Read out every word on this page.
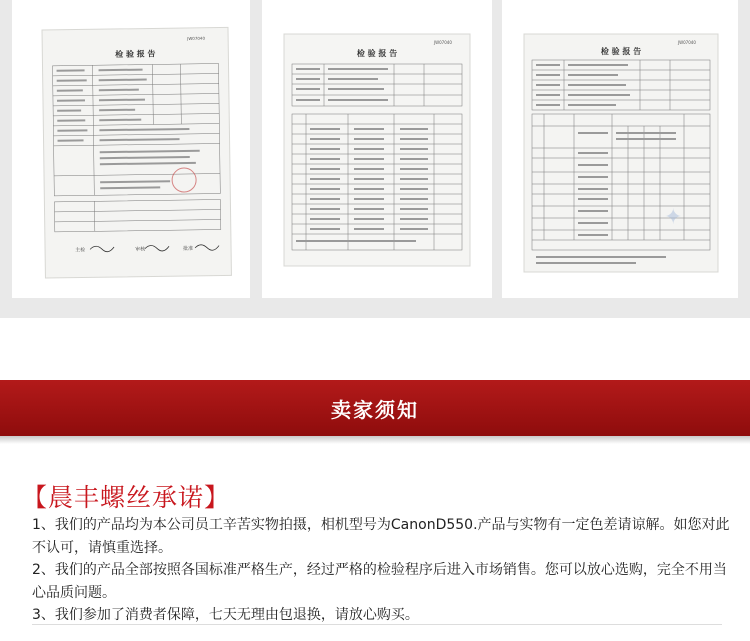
检 验 报 告
JW07040
主检	审核	批准
检 验 报 告
JW07040
检 验 报 告
JW07040
✦
卖家须知
【晨丰螺丝承诺】

1、我们的产品均为本公司员工辛苦实物拍摄，相机型号为CanonD550.产品与实物有一定色差请谅解。如您对此不认可，请慎重选择。

2、我们的产品全部按照各国标准严格生产，经过严格的检验程序后进入市场销售。您可以放心选购，完全不用当心品质问题。

3、我们参加了消费者保障，七天无理由包退换，请放心购买。
